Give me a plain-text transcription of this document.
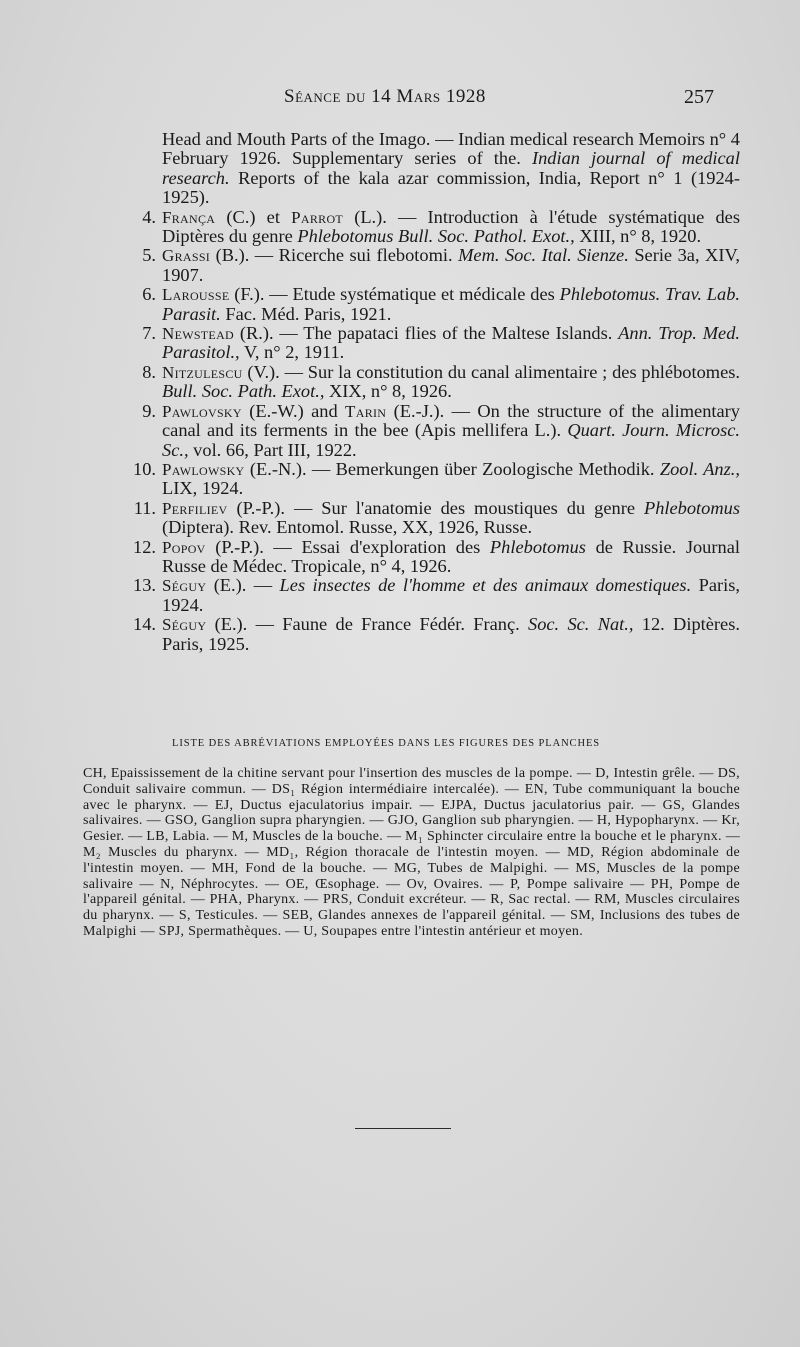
Séance du 14 Mars 1928	257

Head and Mouth Parts of the Imago. — Indian medical research Memoirs n° 4 February 1926. Supplementary series of the. Indian journal of medical research. Reports of the kala azar commission, India, Report n° 1 (1924-1925).

4. França (C.) et Parrot (L.). — Introduction à l'étude systématique des Diptères du genre Phlebotomus Bull. Soc. Pathol. Exot., XIII, n° 8, 1920.

5. Grassi (B.). — Ricerche sui flebotomi. Mem. Soc. Ital. Sienze. Serie 3a, XIV, 1907.

6. Larousse (F.). — Etude systématique et médicale des Phlebotomus. Trav. Lab. Parasit. Fac. Méd. Paris, 1921.

7. Newstead (R.). — The papataci flies of the Maltese Islands. Ann. Trop. Med. Parasitol., V, n° 2, 1911.

8. Nitzulescu (V.). — Sur la constitution du canal alimentaire ; des phlébotomes. Bull. Soc. Path. Exot., XIX, n° 8, 1926.

9. Pawlovsky (E.-W.) and Tarin (E.-J.). — On the structure of the alimentary canal and its ferments in the bee (Apis mellifera L.). Quart. Journ. Microsc. Sc., vol. 66, Part III, 1922.

10. Pawlowsky (E.-N.). — Bemerkungen über Zoologische Methodik. Zool. Anz., LIX, 1924.

11. Perfiliev (P.-P.). — Sur l'anatomie des moustiques du genre Phlebotomus (Diptera). Rev. Entomol. Russe, XX, 1926, Russe.

12. Popov (P.-P.). — Essai d'exploration des Phlebotomus de Russie. Journal Russe de Médec. Tropicale, n° 4, 1926.

13. Séguy (E.). — Les insectes de l'homme et des animaux domestiques. Paris, 1924.

14. Séguy (E.). — Faune de France Fédér. Franç. Soc. Sc. Nat., 12. Diptères. Paris, 1925.

LISTE DES ABRÉVIATIONS EMPLOYÉES DANS LES FIGURES DES PLANCHES
CH, Epaississement de la chitine servant pour l'insertion des muscles de la pompe. — D, Intestin grêle. — DS, Conduit salivaire commun. — DS₁ Région intermédiaire intercalée). — EN, Tube communiquant la bouche avec le pharynx. — EJ, Ductus ejaculatorius impair. — EJPA, Ductus jaculatorius pair. — GS, Glandes salivaires. — GSO, Ganglion supra pharyngien. — GJO, Ganglion sub pharyngien. — H, Hypopharynx. — Kr, Gesier. — LB, Labia. — M, Muscles de la bouche. — M₁ Sphincter circulaire entre la bouche et le pharynx. — M₂ Muscles du pharynx. — MD₁, Région thoracale de l'intestin moyen. — MD, Région abdominale de l'intestin moyen. — MH, Fond de la bouche. — MG, Tubes de Malpighi. — MS, Muscles de la pompe salivaire — N, Néphrocytes. — OE, Œsophage. — Ov, Ovaires. — P, Pompe salivaire — PH, Pompe de l'appareil génital. — PHA, Pharynx. — PRS, Conduit excréteur. — R, Sac rectal. — RM, Muscles circulaires du pharynx. — S, Testicules. — SEB, Glandes annexes de l'appareil génital. — SM, Inclusions des tubes de Malpighi — SPJ, Spermathèques. — U, Soupapes entre l'intestin antérieur et moyen.
